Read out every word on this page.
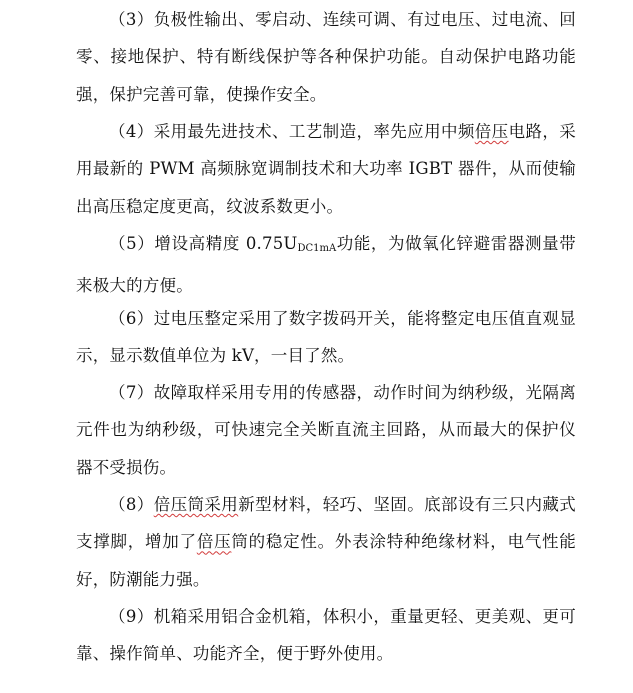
（3）负极性输出、零启动、连续可调、有过电压、过电流、回零、接地保护、特有断线保护等各种保护功能。自动保护电路功能强，保护完善可靠，使操作安全。

（4）采用最先进技术、工艺制造，率先应用中频倍压电路，采用最新的 PWM 高频脉宽调制技术和大功率 IGBT 器件，从而使输出高压稳定度更高，纹波系数更小。

（5）增设高精度 $0.75U_{DC1mA}$功能，为做氧化锌避雷器测量带来极大的方便。

（6）过电压整定采用了数字拨码开关，能将整定电压值直观显示，显示数值单位为 kV，一目了然。

（7）故障取样采用专用的传感器，动作时间为纳秒级，光隔离元件也为纳秒级，可快速完全关断直流主回路，从而最大的保护仪器不受损伤。

（8）倍压筒采用新型材料，轻巧、坚固。底部设有三只内藏式支撑脚，增加了倍压筒的稳定性。外表涂特种绝缘材料，电气性能好，防潮能力强。

（9）机箱采用铝合金机箱，体积小，重量更轻、更美观、更可靠、操作简单、功能齐全，便于野外使用。
